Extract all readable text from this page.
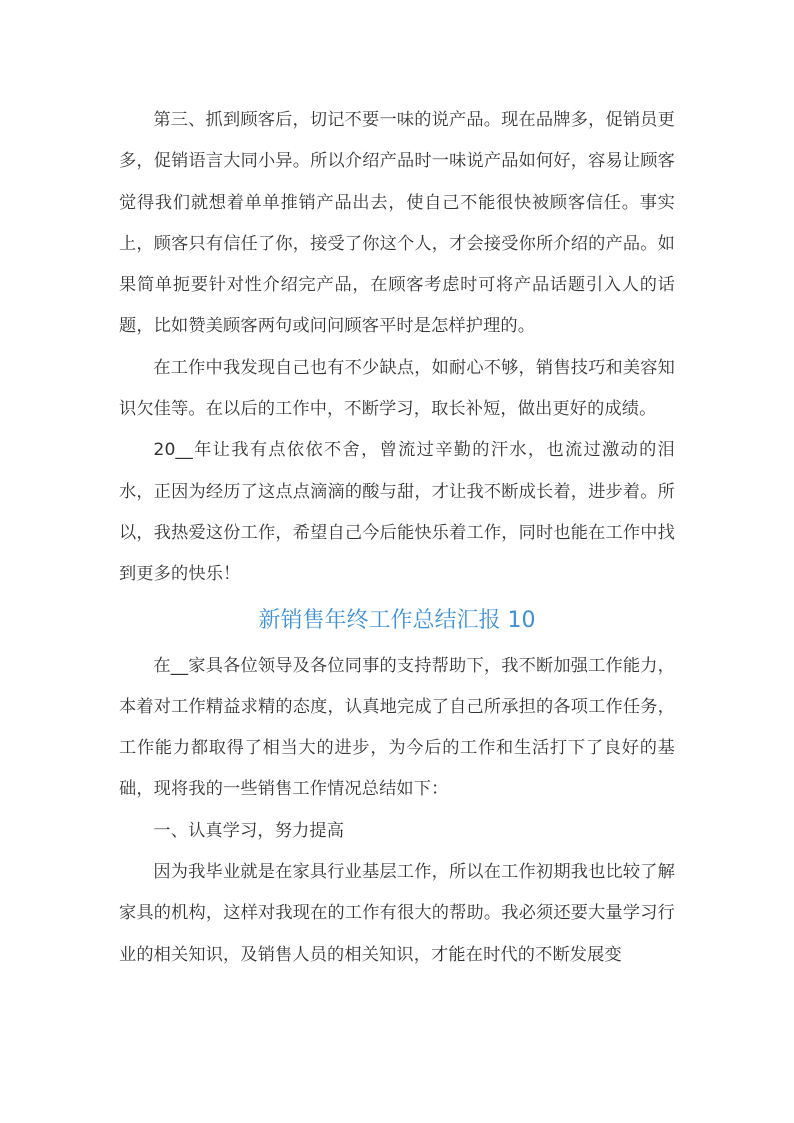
第三、抓到顾客后，切记不要一味的说产品。现在品牌多，促销员更多，促销语言大同小异。所以介绍产品时一味说产品如何好，容易让顾客觉得我们就想着单单推销产品出去，使自己不能很快被顾客信任。事实上，顾客只有信任了你，接受了你这个人，才会接受你所介绍的产品。如果简单扼要针对性介绍完产品，在顾客考虑时可将产品话题引入人的话题，比如赞美顾客两句或问问顾客平时是怎样护理的。

在工作中我发现自己也有不少缺点，如耐心不够，销售技巧和美容知识欠佳等。在以后的工作中，不断学习，取长补短，做出更好的成绩。

20__年让我有点依依不舍，曾流过辛勤的汗水，也流过激动的泪水，正因为经历了这点点滴滴的酸与甜，才让我不断成长着，进步着。所以，我热爱这份工作，希望自己今后能快乐着工作，同时也能在工作中找到更多的快乐！

新销售年终工作总结汇报 10

在__家具各位领导及各位同事的支持帮助下，我不断加强工作能力，本着对工作精益求精的态度，认真地完成了自己所承担的各项工作任务，工作能力都取得了相当大的进步，为今后的工作和生活打下了良好的基础，现将我的一些销售工作情况总结如下：

一、认真学习，努力提高

因为我毕业就是在家具行业基层工作，所以在工作初期我也比较了解家具的机构，这样对我现在的工作有很大的帮助。我必须还要大量学习行业的相关知识，及销售人员的相关知识，才能在时代的不断发展变
